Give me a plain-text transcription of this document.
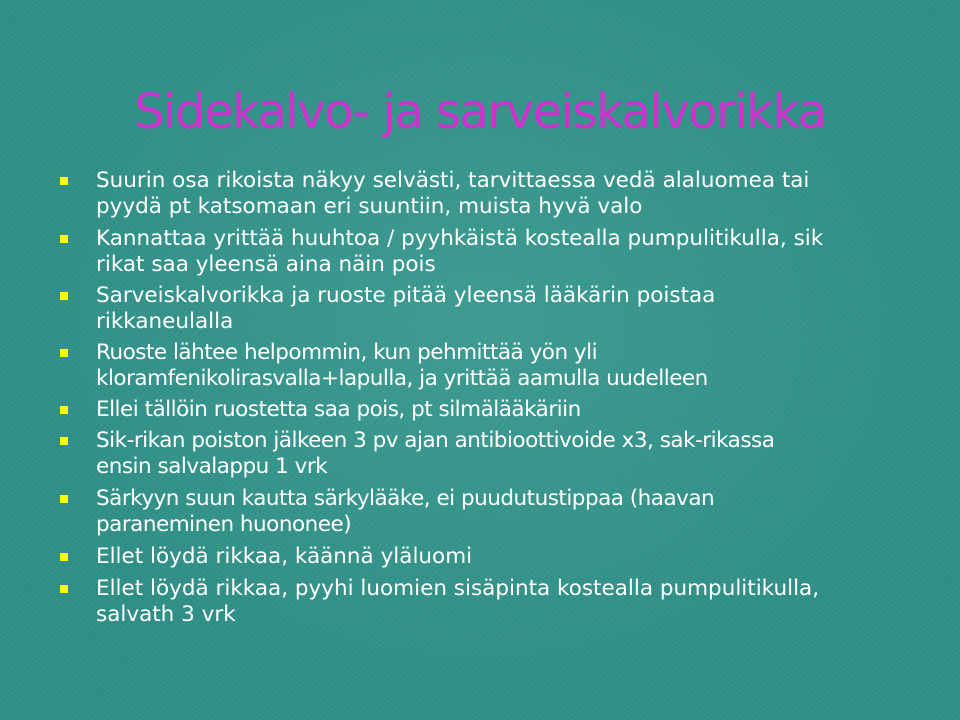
Sidekalvo- ja sarveiskalvorikka
Suurin osa rikoista näkyy selvästi, tarvittaessa vedä alaluomea tai
pyydä pt katsomaan eri suuntiin, muista hyvä valo
Kannattaa yrittää huuhtoa / pyyhkäistä kostealla pumpulitikulla, sik
rikat saa yleensä aina näin pois
Sarveiskalvorikka ja ruoste pitää yleensä lääkärin poistaa
rikkaneulalla
Ruoste lähtee helpommin, kun pehmittää yön yli
kloramfenikolirasvalla+lapulla, ja yrittää aamulla uudelleen
Ellei tällöin ruostetta saa pois, pt silmälääkäriin
Sik-rikan poiston jälkeen 3 pv ajan antibioottivoide x3, sak-rikassa
ensin salvalappu 1 vrk
Särkyyn suun kautta särkylääke, ei puudutustippaa (haavan
paraneminen huononee)
Ellet löydä rikkaa, käännä yläluomi
Ellet löydä rikkaa, pyyhi luomien sisäpinta kostealla pumpulitikulla,
salvath 3 vrk
